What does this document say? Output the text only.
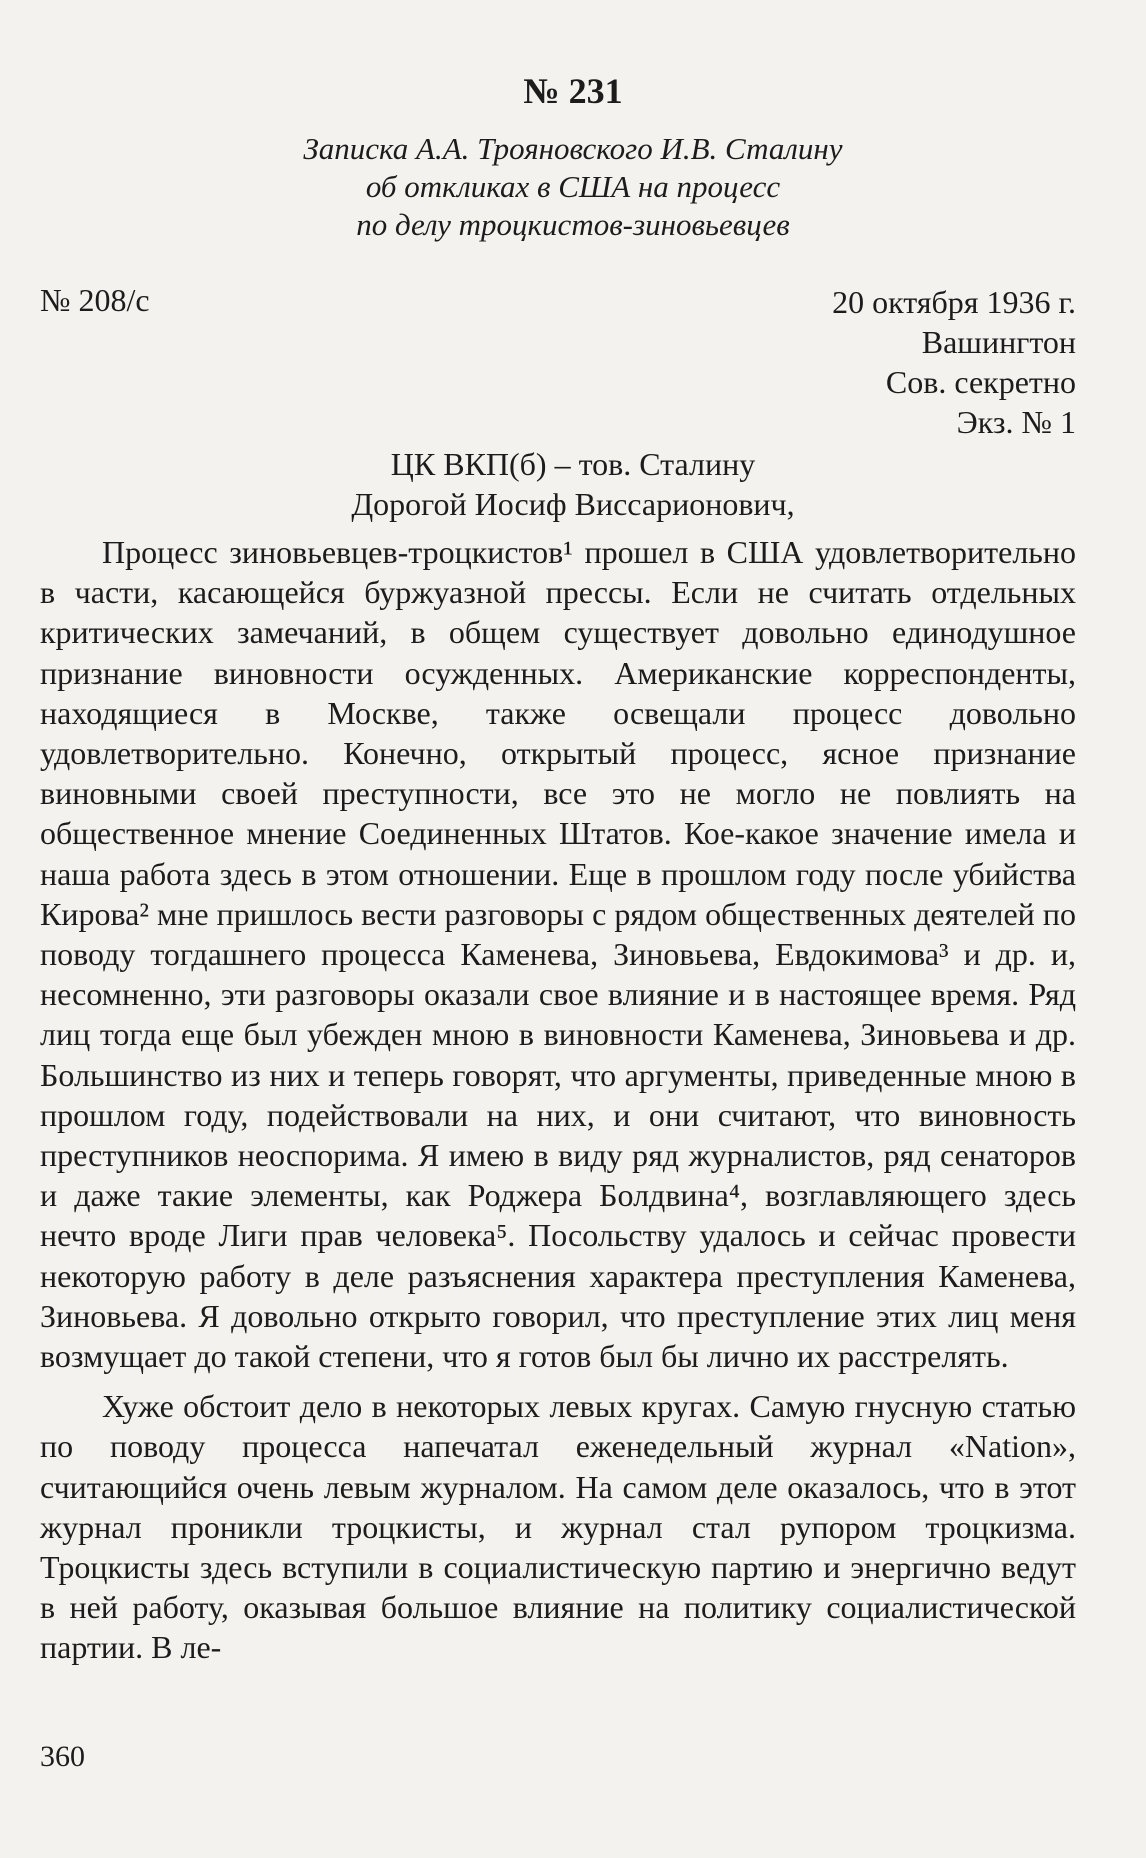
№ 231
Записка А.А. Трояновского И.В. Сталину
об откликах в США на процесс
по делу троцкистов-зиновьевцев
№ 208/с	20 октября 1936 г.
Вашингтон
Сов. секретно
Экз. № 1
ЦК ВКП(б) – тов. Сталину
Дорогой Иосиф Виссарионович,

Процесс зиновьевцев-троцкистов¹ прошел в США удовлетворительно в части, касающейся буржуазной прессы. Если не считать отдельных критических замечаний, в общем существует довольно единодушное признание виновности осужденных. Американские корреспонденты, находящиеся в Москве, также освещали процесс довольно удовлетворительно. Конечно, открытый процесс, ясное признание виновными своей преступности, все это не могло не повлиять на общественное мнение Соединенных Штатов. Кое-какое значение имела и наша работа здесь в этом отношении. Еще в прошлом году после убийства Кирова² мне пришлось вести разговоры с рядом общественных деятелей по поводу тогдашнего процесса Каменева, Зиновьева, Евдокимова³ и др. и, несомненно, эти разговоры оказали свое влияние и в настоящее время. Ряд лиц тогда еще был убежден мною в виновности Каменева, Зиновьева и др. Большинство из них и теперь говорят, что аргументы, приведенные мною в прошлом году, подействовали на них, и они считают, что виновность преступников неоспорима. Я имею в виду ряд журналистов, ряд сенаторов и даже такие элементы, как Роджера Болдвина⁴, возглавляющего здесь нечто вроде Лиги прав человека⁵. Посольству удалось и сейчас провести некоторую работу в деле разъяснения характера преступления Каменева, Зиновьева. Я довольно открыто говорил, что преступление этих лиц меня возмущает до такой степени, что я готов был бы лично их расстрелять.

Хуже обстоит дело в некоторых левых кругах. Самую гнусную статью по поводу процесса напечатал еженедельный журнал «Nation», считающийся очень левым журналом. На самом деле оказалось, что в этот журнал проникли троцкисты, и журнал стал рупором троцкизма. Троцкисты здесь вступили в социалистическую партию и энергично ведут в ней работу, оказывая большое влияние на политику социалистической партии. В ле-

360
